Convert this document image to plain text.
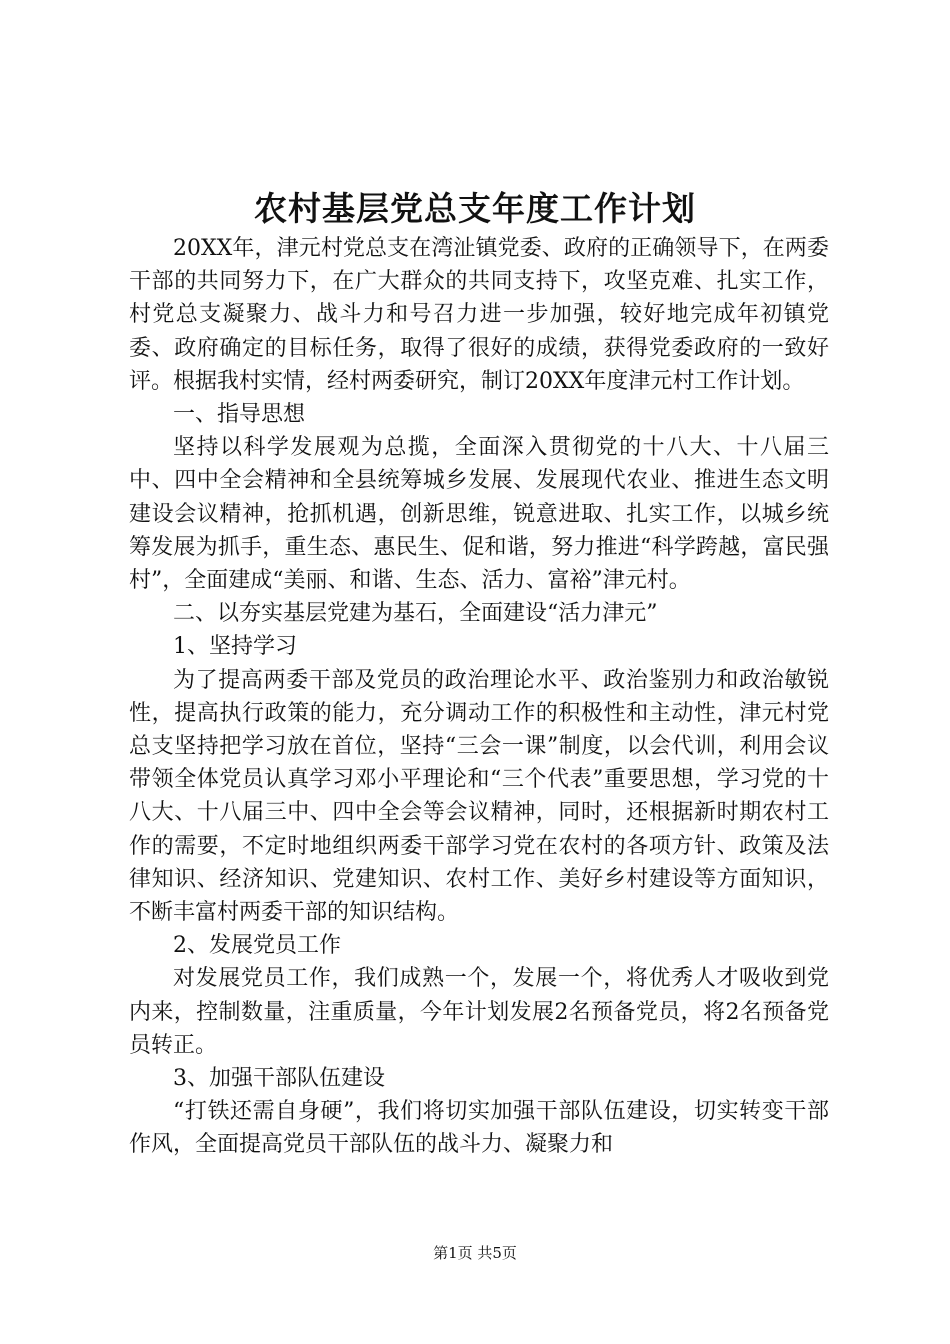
农村基层党总支年度工作计划

20XX年，津元村党总支在湾沚镇党委、政府的正确领导下，在两委干部的共同努力下，在广大群众的共同支持下，攻坚克难、扎实工作，村党总支凝聚力、战斗力和号召力进一步加强，较好地完成年初镇党委、政府确定的目标任务，取得了很好的成绩，获得党委政府的一致好评。根据我村实情，经村两委研究，制订20XX年度津元村工作计划。

一、指导思想

坚持以科学发展观为总揽，全面深入贯彻党的十八大、十八届三中、四中全会精神和全县统筹城乡发展、发展现代农业、推进生态文明建设会议精神，抢抓机遇，创新思维，锐意进取、扎实工作，以城乡统筹发展为抓手，重生态、惠民生、促和谐，努力推进“科学跨越，富民强村”，全面建成“美丽、和谐、生态、活力、富裕”津元村。

二、以夯实基层党建为基石，全面建设“活力津元”

1、坚持学习

为了提高两委干部及党员的政治理论水平、政治鉴别力和政治敏锐性，提高执行政策的能力，充分调动工作的积极性和主动性，津元村党总支坚持把学习放在首位，坚持“三会一课”制度，以会代训，利用会议带领全体党员认真学习邓小平理论和“三个代表”重要思想，学习党的十八大、十八届三中、四中全会等会议精神，同时，还根据新时期农村工作的需要，不定时地组织两委干部学习党在农村的各项方针、政策及法律知识、经济知识、党建知识、农村工作、美好乡村建设等方面知识，不断丰富村两委干部的知识结构。

2、发展党员工作

对发展党员工作，我们成熟一个，发展一个，将优秀人才吸收到党内来，控制数量，注重质量，今年计划发展2名预备党员，将2名预备党员转正。

3、加强干部队伍建设

“打铁还需自身硬”，我们将切实加强干部队伍建设，切实转变干部作风，全面提高党员干部队伍的战斗力、凝聚力和

第1页 共5页
